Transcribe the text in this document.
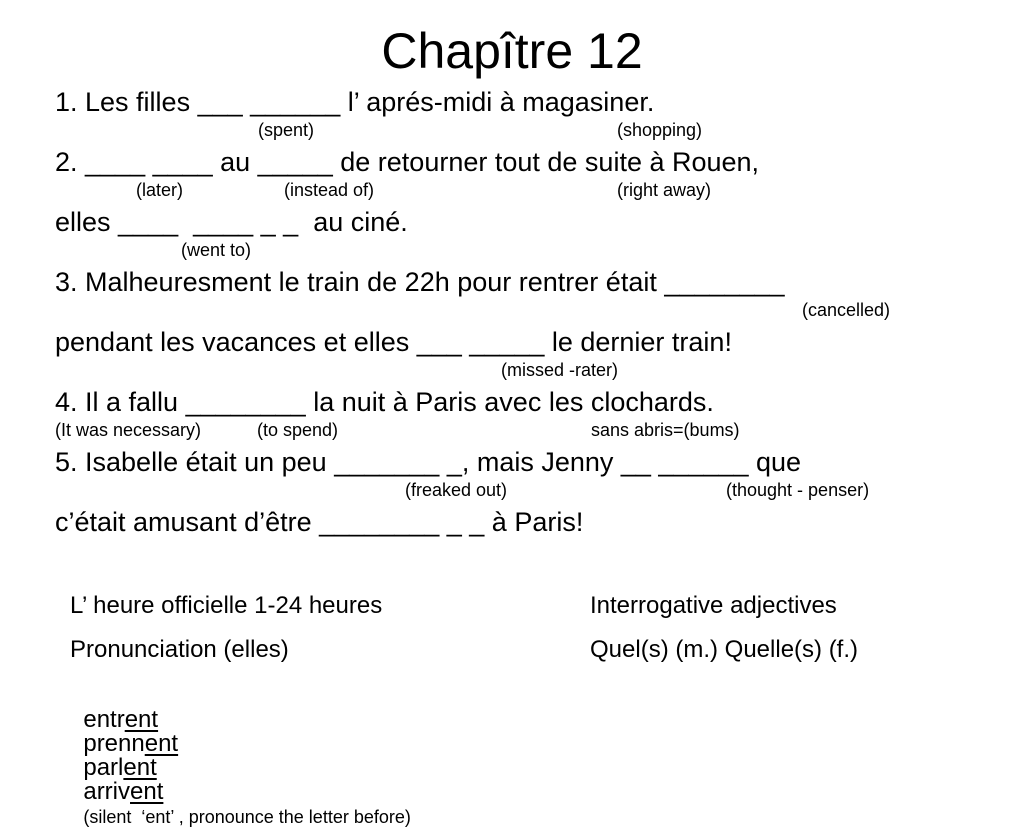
Chapître 12
1. Les filles ___ ______ l’ aprés-midi à magasiner.
(spent)	(shopping)
2. ____ ____ au _____ de retourner tout de suite à Rouen,
(later)	(instead of)	(right away)
elles ____  ____ _ _  au ciné.
(went to)
3. Malheuresment le train de 22h pour rentrer était ________
(cancelled)
pendant les vacances et elles ___ _____ le dernier train!
(missed -rater)
4. Il a fallu ________ la nuit à Paris avec les clochards.
(It was necessary)	(to spend)	sans abris=(bums)
5. Isabelle était un peu _______ _, mais Jenny __ ______ que
(freaked out)	(thought - penser)
c’était amusant d’être ________ _ _ à Paris!
L’ heure officielle 1-24 heures	Interrogative adjectives
Pronunciation (elles)	Quel(s) (m.) Quelle(s) (f.)

entrent
prennent
parlent
arrivent
(silent  ‘ent’ , pronounce the letter before)
